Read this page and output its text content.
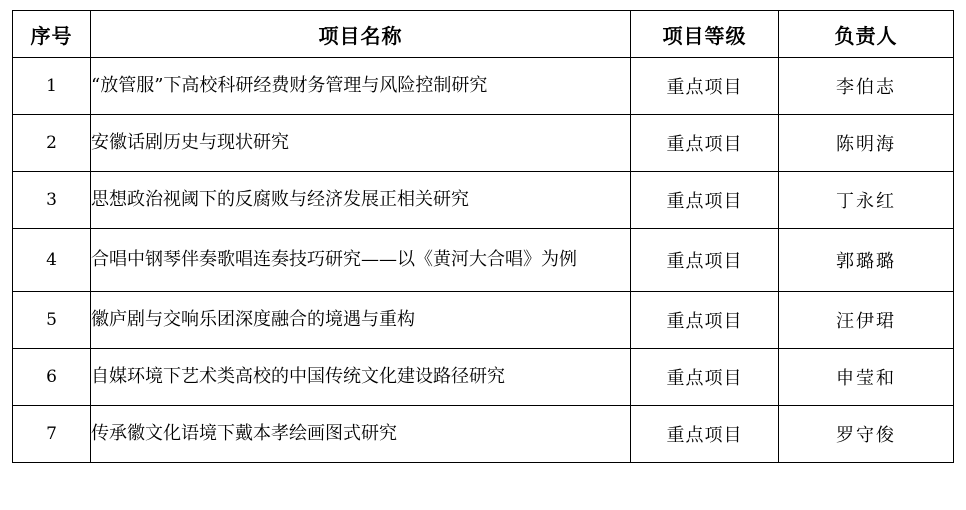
序号	项目名称	项目等级	负责人
1	“放管服”下高校科研经费财务管理与风险控制研究	重点项目	李伯志
2	安徽话剧历史与现状研究	重点项目	陈明海
3	思想政治视阈下的反腐败与经济发展正相关研究	重点项目	丁永红
4	合唱中钢琴伴奏歌唱连奏技巧研究——以《黄河大合唱》为例	重点项目	郭璐璐
5	徽庐剧与交响乐团深度融合的境遇与重构	重点项目	汪伊珺
6	自媒环境下艺术类高校的中国传统文化建设路径研究	重点项目	申莹和
7	传承徽文化语境下戴本孝绘画图式研究	重点项目	罗守俊
